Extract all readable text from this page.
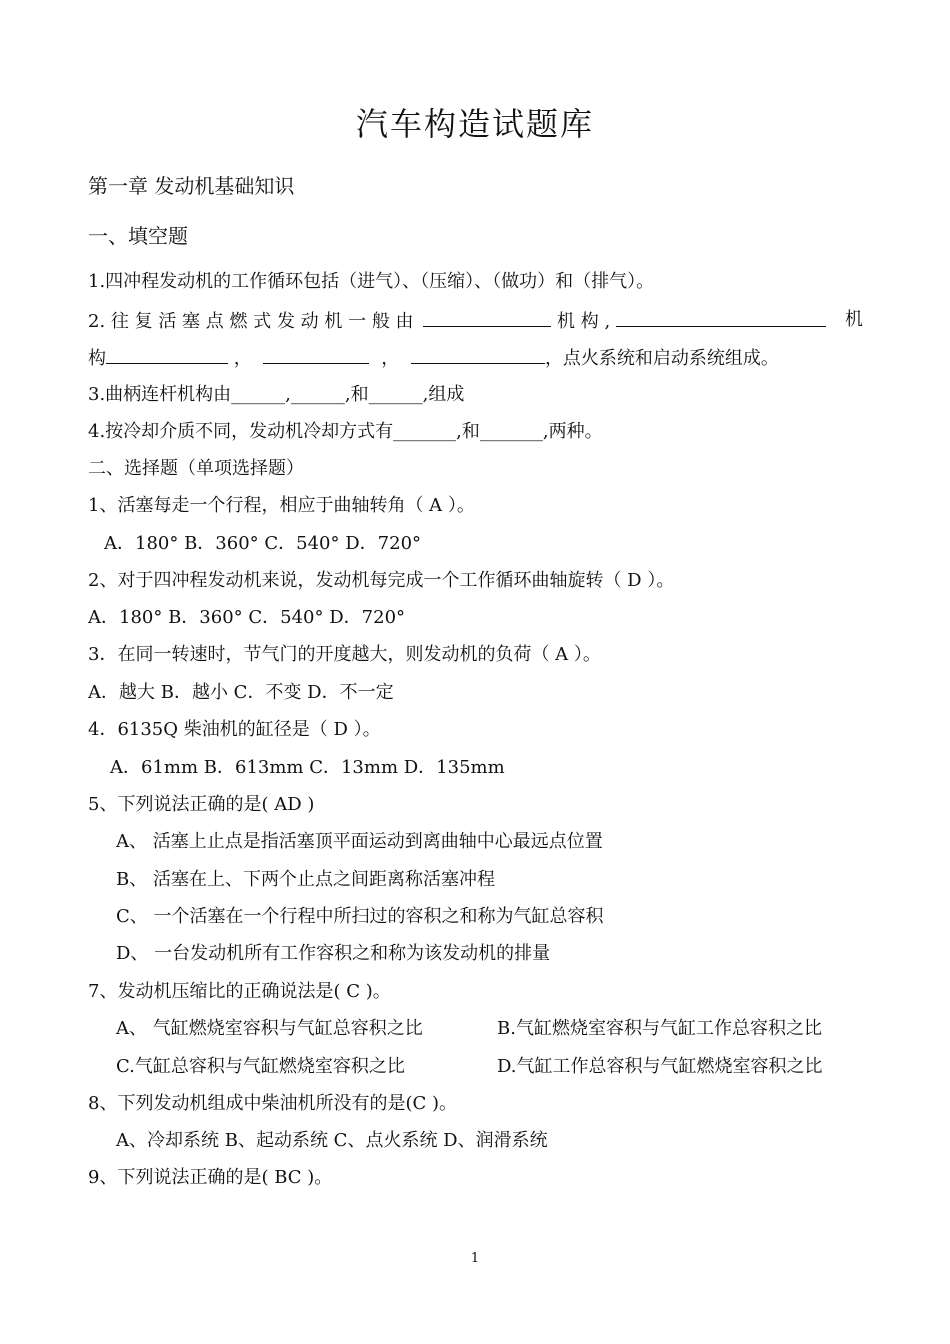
汽车构造试题库
第一章 发动机基础知识
一、填空题
1.四冲程发动机的工作循环包括（进气）、（压缩）、（做功）和（排气）。
2. 往 复 活 塞 点 燃 式 发 动 机 一 般 由	机 构 ,	机
构	，	，	，点火系统和启动系统组成。
3.曲柄连杆机构由______,______,和______,组成
4.按冷却介质不同，发动机冷却方式有_______,和_______,两种。
二、选择题（单项选择题）
1、活塞每走一个行程，相应于曲轴转角（ A ）。
A．180° B．360° C．540° D．720°
2、对于四冲程发动机来说，发动机每完成一个工作循环曲轴旋转（ D ）。
A．180° B．360° C．540° D．720°
3．在同一转速时，节气门的开度越大，则发动机的负荷（ A ）。
A．越大 B．越小 C．不变 D．不一定
4．6135Q 柴油机的缸径是（ D ）。
A．61mm B．613mm C．13mm D．135mm
5、下列说法正确的是( AD )
A、 活塞上止点是指活塞顶平面运动到离曲轴中心最远点位置
B、 活塞在上、下两个止点之间距离称活塞冲程
C、 一个活塞在一个行程中所扫过的容积之和称为气缸总容积
D、 一台发动机所有工作容积之和称为该发动机的排量
7、发动机压缩比的正确说法是( C )。
A、 气缸燃烧室容积与气缸总容积之比	B.气缸燃烧室容积与气缸工作总容积之比
C.气缸总容积与气缸燃烧室容积之比	D.气缸工作总容积与气缸燃烧室容积之比
8、下列发动机组成中柴油机所没有的是(C )。
A、冷却系统 B、起动系统 C、点火系统 D、润滑系统
9、下列说法正确的是( BC )。
1
